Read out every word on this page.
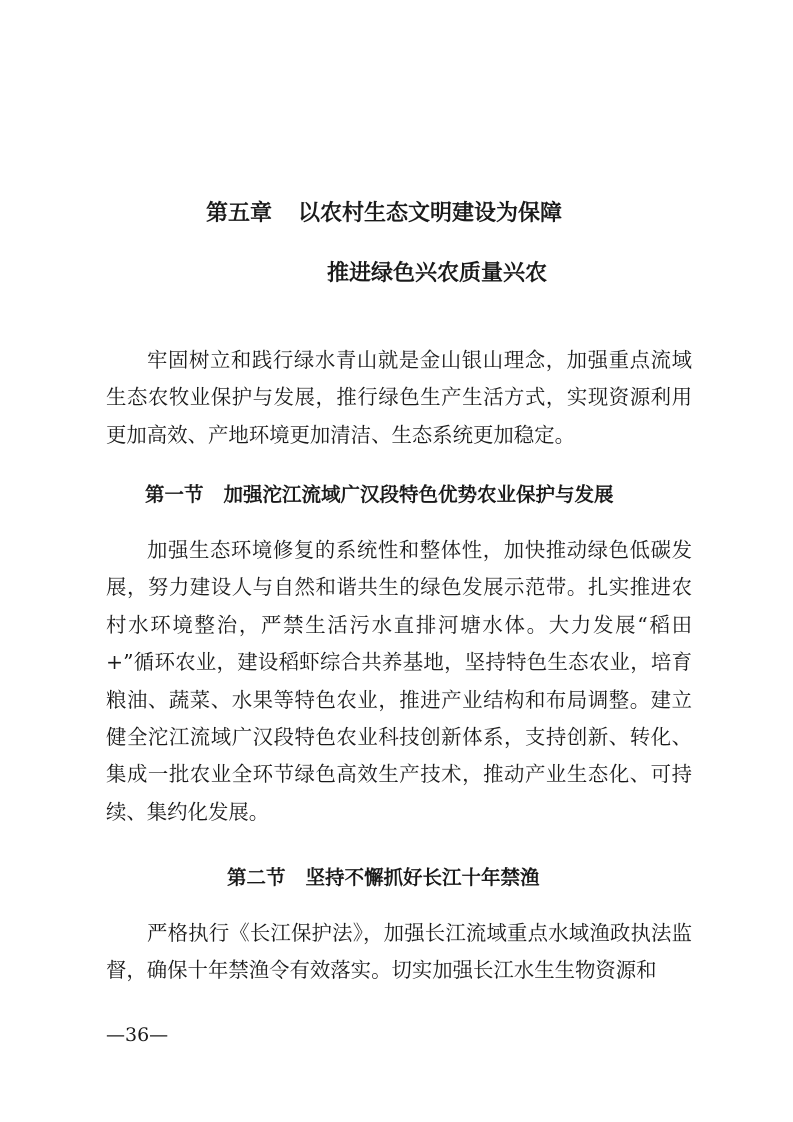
第五章 以农村生态文明建设为保障
推进绿色兴农质量兴农

牢固树立和践行绿水青山就是金山银山理念，加强重点流域生态农牧业保护与发展，推行绿色生产生活方式，实现资源利用更加高效、产地环境更加清洁、生态系统更加稳定。

第一节 加强沱江流域广汉段特色优势农业保护与发展

加强生态环境修复的系统性和整体性，加快推动绿色低碳发展，努力建设人与自然和谐共生的绿色发展示范带。扎实推进农村水环境整治，严禁生活污水直排河塘水体。大力发展“稻田+”循环农业，建设稻虾综合共养基地，坚持特色生态农业，培育粮油、蔬菜、水果等特色农业，推进产业结构和布局调整。建立健全沱江流域广汉段特色农业科技创新体系，支持创新、转化、集成一批农业全环节绿色高效生产技术，推动产业生态化、可持续、集约化发展。

第二节 坚持不懈抓好长江十年禁渔

严格执行《长江保护法》，加强长江流域重点水域渔政执法监督，确保十年禁渔令有效落实。切实加强长江水生生物资源和

—36—
